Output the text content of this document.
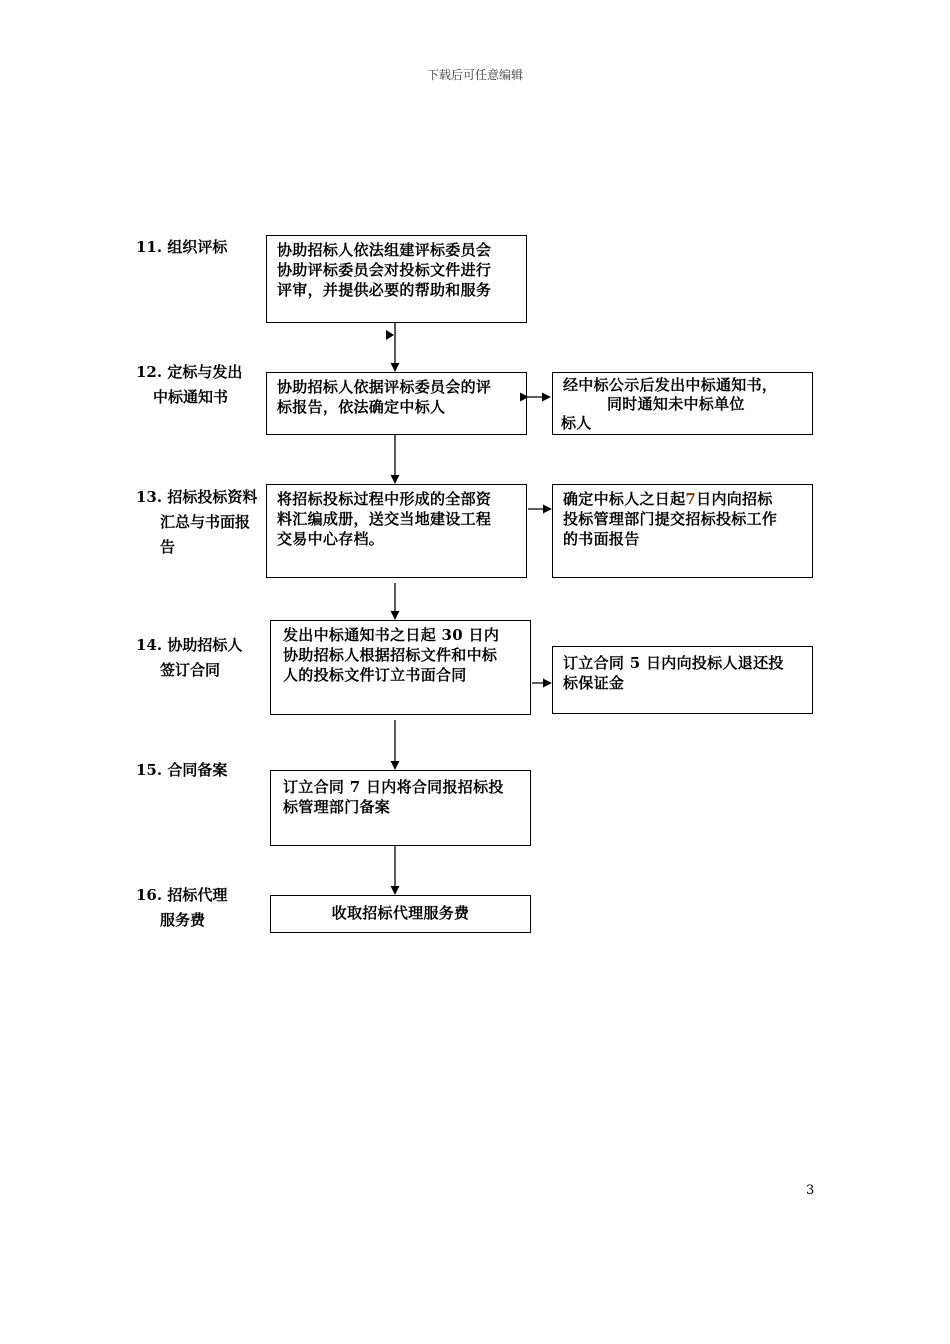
下载后可任意编辑
11. 组织评标
12. 定标与发出
中标通知书
13. 招标投标资料
汇总与书面报
告
14. 协助招标人
签订合同
15. 合同备案
16. 招标代理
服务费
协助招标人依法组建评标委员会
协助评标委员会对投标文件进行
评审，并提供必要的帮助和服务
协助招标人依据评标委员会的评
标报告，依法确定中标人
经中标公示后发出中标通知书，
同时通知未中标单位
标人
将招标投标过程中形成的全部资
料汇编成册，送交当地建设工程
交易中心存档。
确定中标人之日起7日内向招标
投标管理部门提交招标投标工作
的书面报告
发出中标通知书之日起 30 日内
协助招标人根据招标文件和中标
人的投标文件订立书面合同
订立合同 5 日内向投标人退还投
标保证金
订立合同 7 日内将合同报招标投
标管理部门备案
收取招标代理服务费
3
